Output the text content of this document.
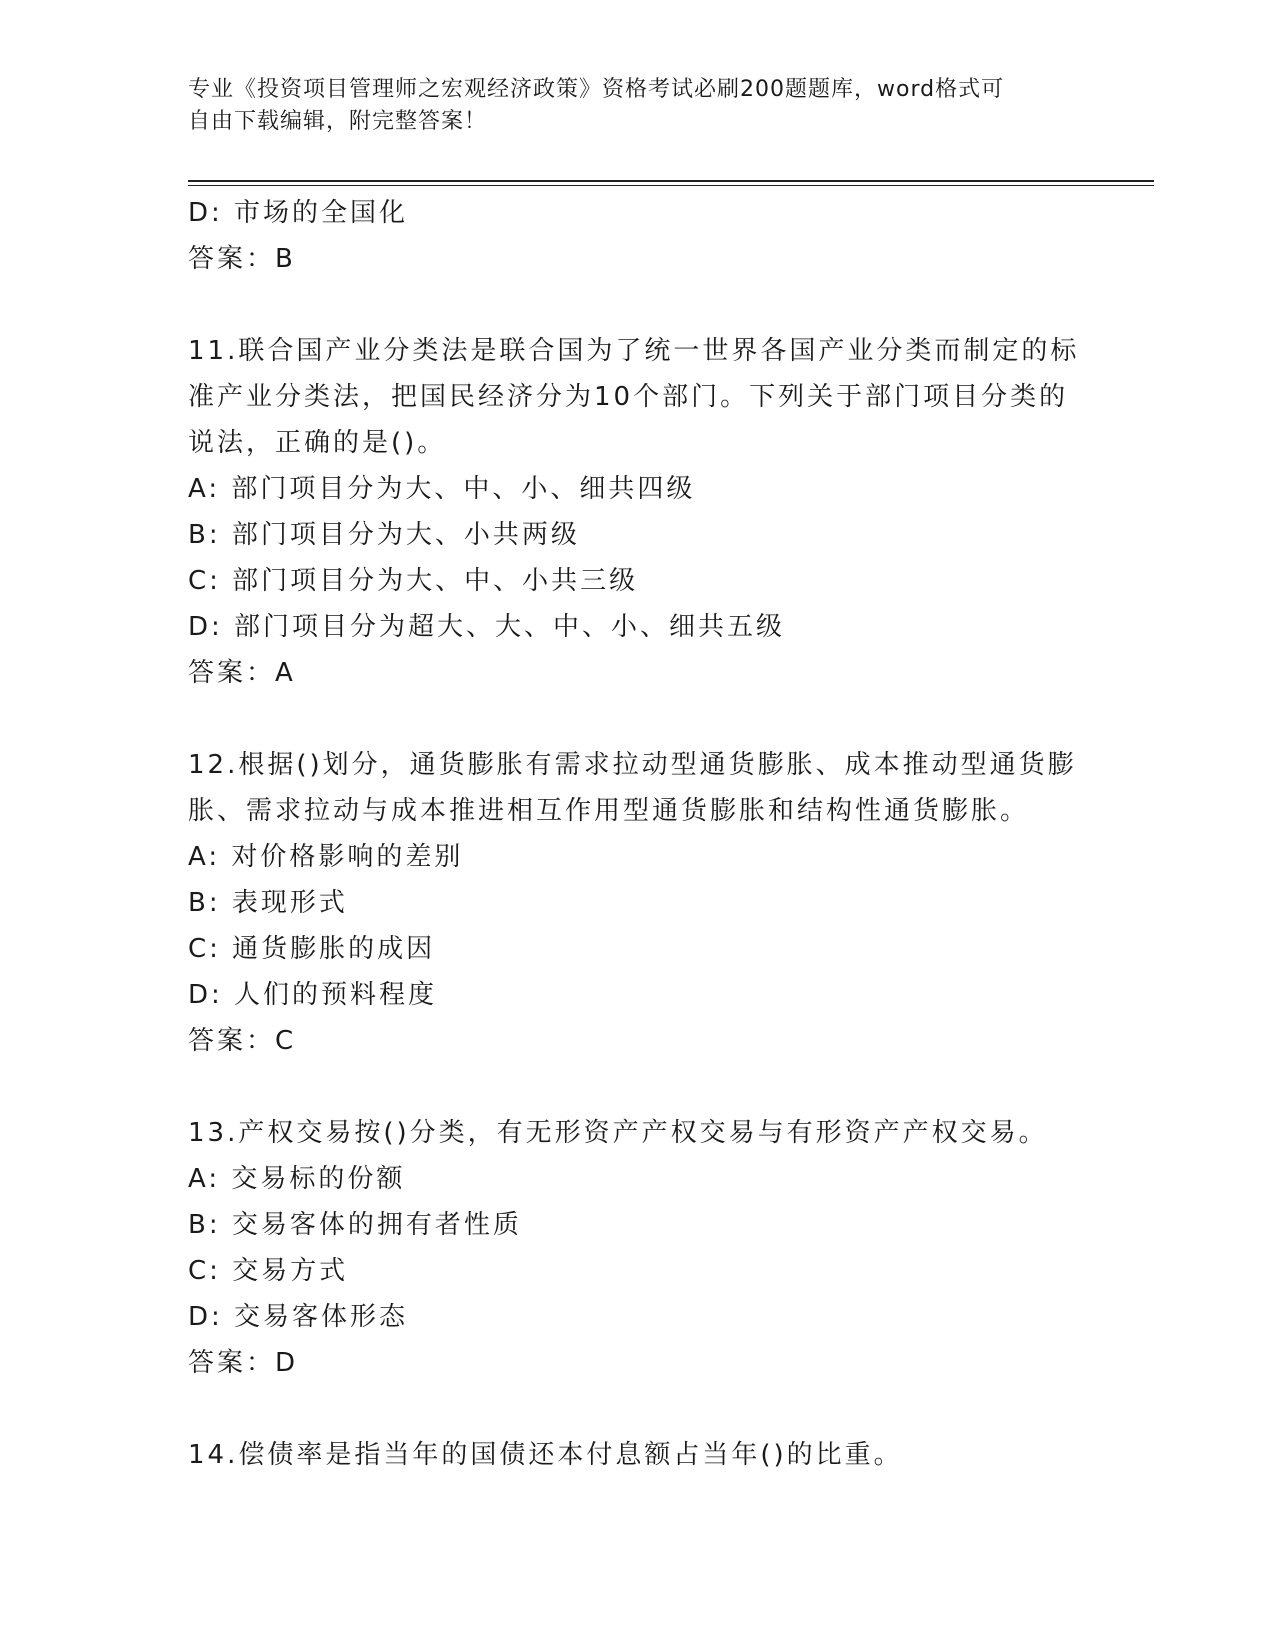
专业《投资项目管理师之宏观经济政策》资格考试必刷200题题库，word格式可
自由下载编辑，附完整答案！
D: 市场的全国化
答案：B
11.联合国产业分类法是联合国为了统一世界各国产业分类而制定的标
准产业分类法，把国民经济分为10个部门。下列关于部门项目分类的
说法，正确的是()。
A: 部门项目分为大、中、小、细共四级
B: 部门项目分为大、小共两级
C: 部门项目分为大、中、小共三级
D: 部门项目分为超大、大、中、小、细共五级
答案：A
12.根据()划分，通货膨胀有需求拉动型通货膨胀、成本推动型通货膨
胀、需求拉动与成本推进相互作用型通货膨胀和结构性通货膨胀。
A: 对价格影响的差别
B: 表现形式
C: 通货膨胀的成因
D: 人们的预料程度
答案：C
13.产权交易按()分类，有无形资产产权交易与有形资产产权交易。
A: 交易标的份额
B: 交易客体的拥有者性质
C: 交易方式
D: 交易客体形态
答案：D
14.偿债率是指当年的国债还本付息额占当年()的比重。
